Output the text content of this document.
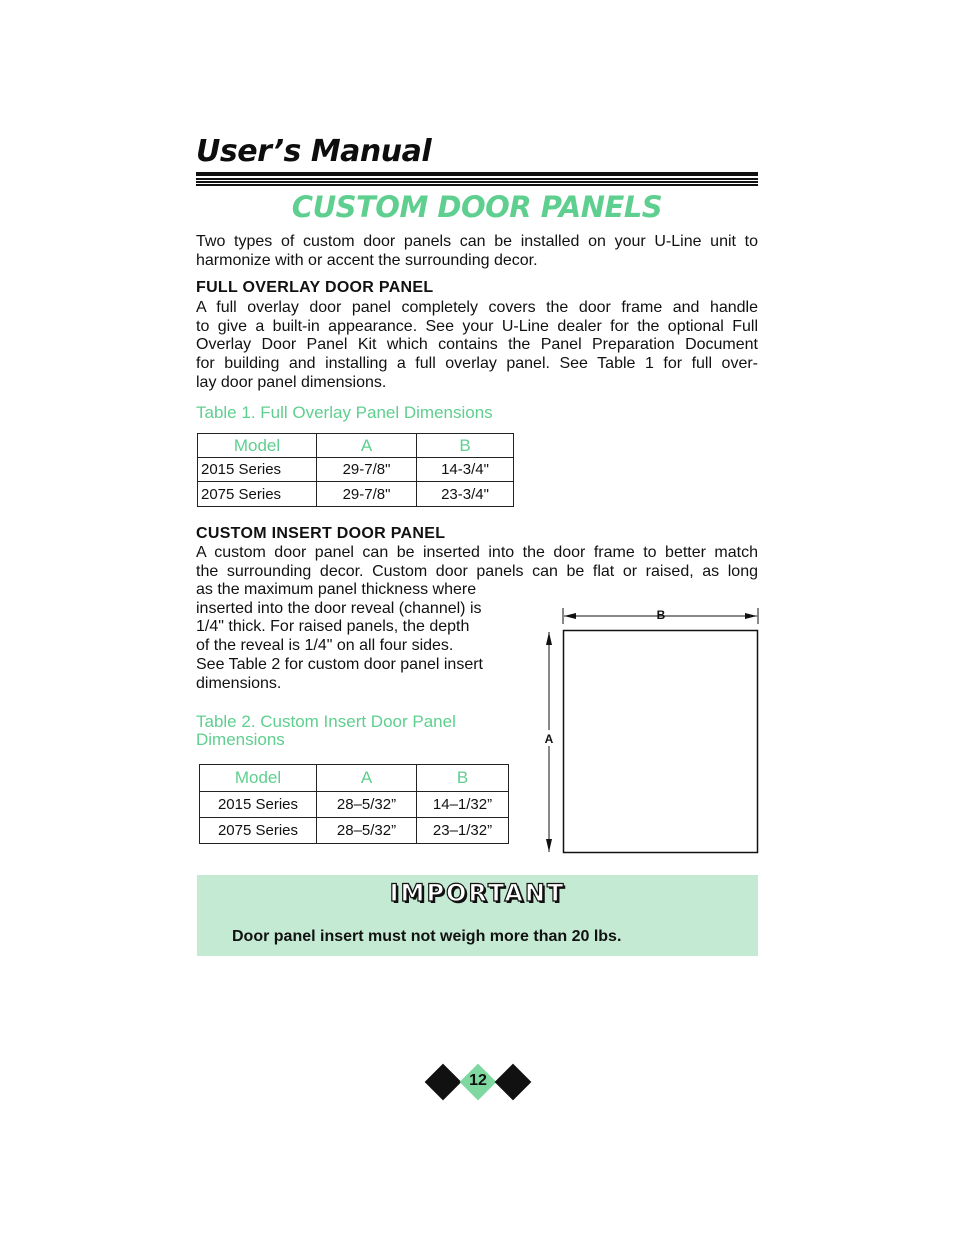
User’s Manual
CUSTOM DOOR PANELS
Two types of custom door panels can be installed on your U-Line unit to harmonize with or accent the surrounding decor.
FULL OVERLAY DOOR PANEL
A full overlay door panel completely covers the door frame and handle
to give a built-in appearance. See your U-Line dealer for the optional Full
Overlay Door Panel Kit which contains the Panel Preparation Document
for building and installing a full overlay panel. See Table 1 for full over-
lay door panel dimensions.
Table 1. Full Overlay Panel Dimensions
Model	A	B
2015 Series	29-7/8"	14-3/4"
2075 Series	29-7/8"	23-3/4"
CUSTOM INSERT DOOR PANEL
A custom door panel can be inserted into the door frame to better match
the surrounding decor. Custom door panels can be flat or raised, as long
as the maximum panel thickness where
inserted into the door reveal (channel) is
1/4" thick. For raised panels, the depth
of the reveal is 1/4" on all four sides.
See Table 2 for custom door panel insert
dimensions.
Table 2. Custom Insert Door Panel
Dimensions
Model	A	B
2015 Series	28–5/32”	14–1/32”
2075 Series	28–5/32”	23–1/32”
B
A
IMPORTANT
Door panel insert must not weigh more than 20 lbs.
12
